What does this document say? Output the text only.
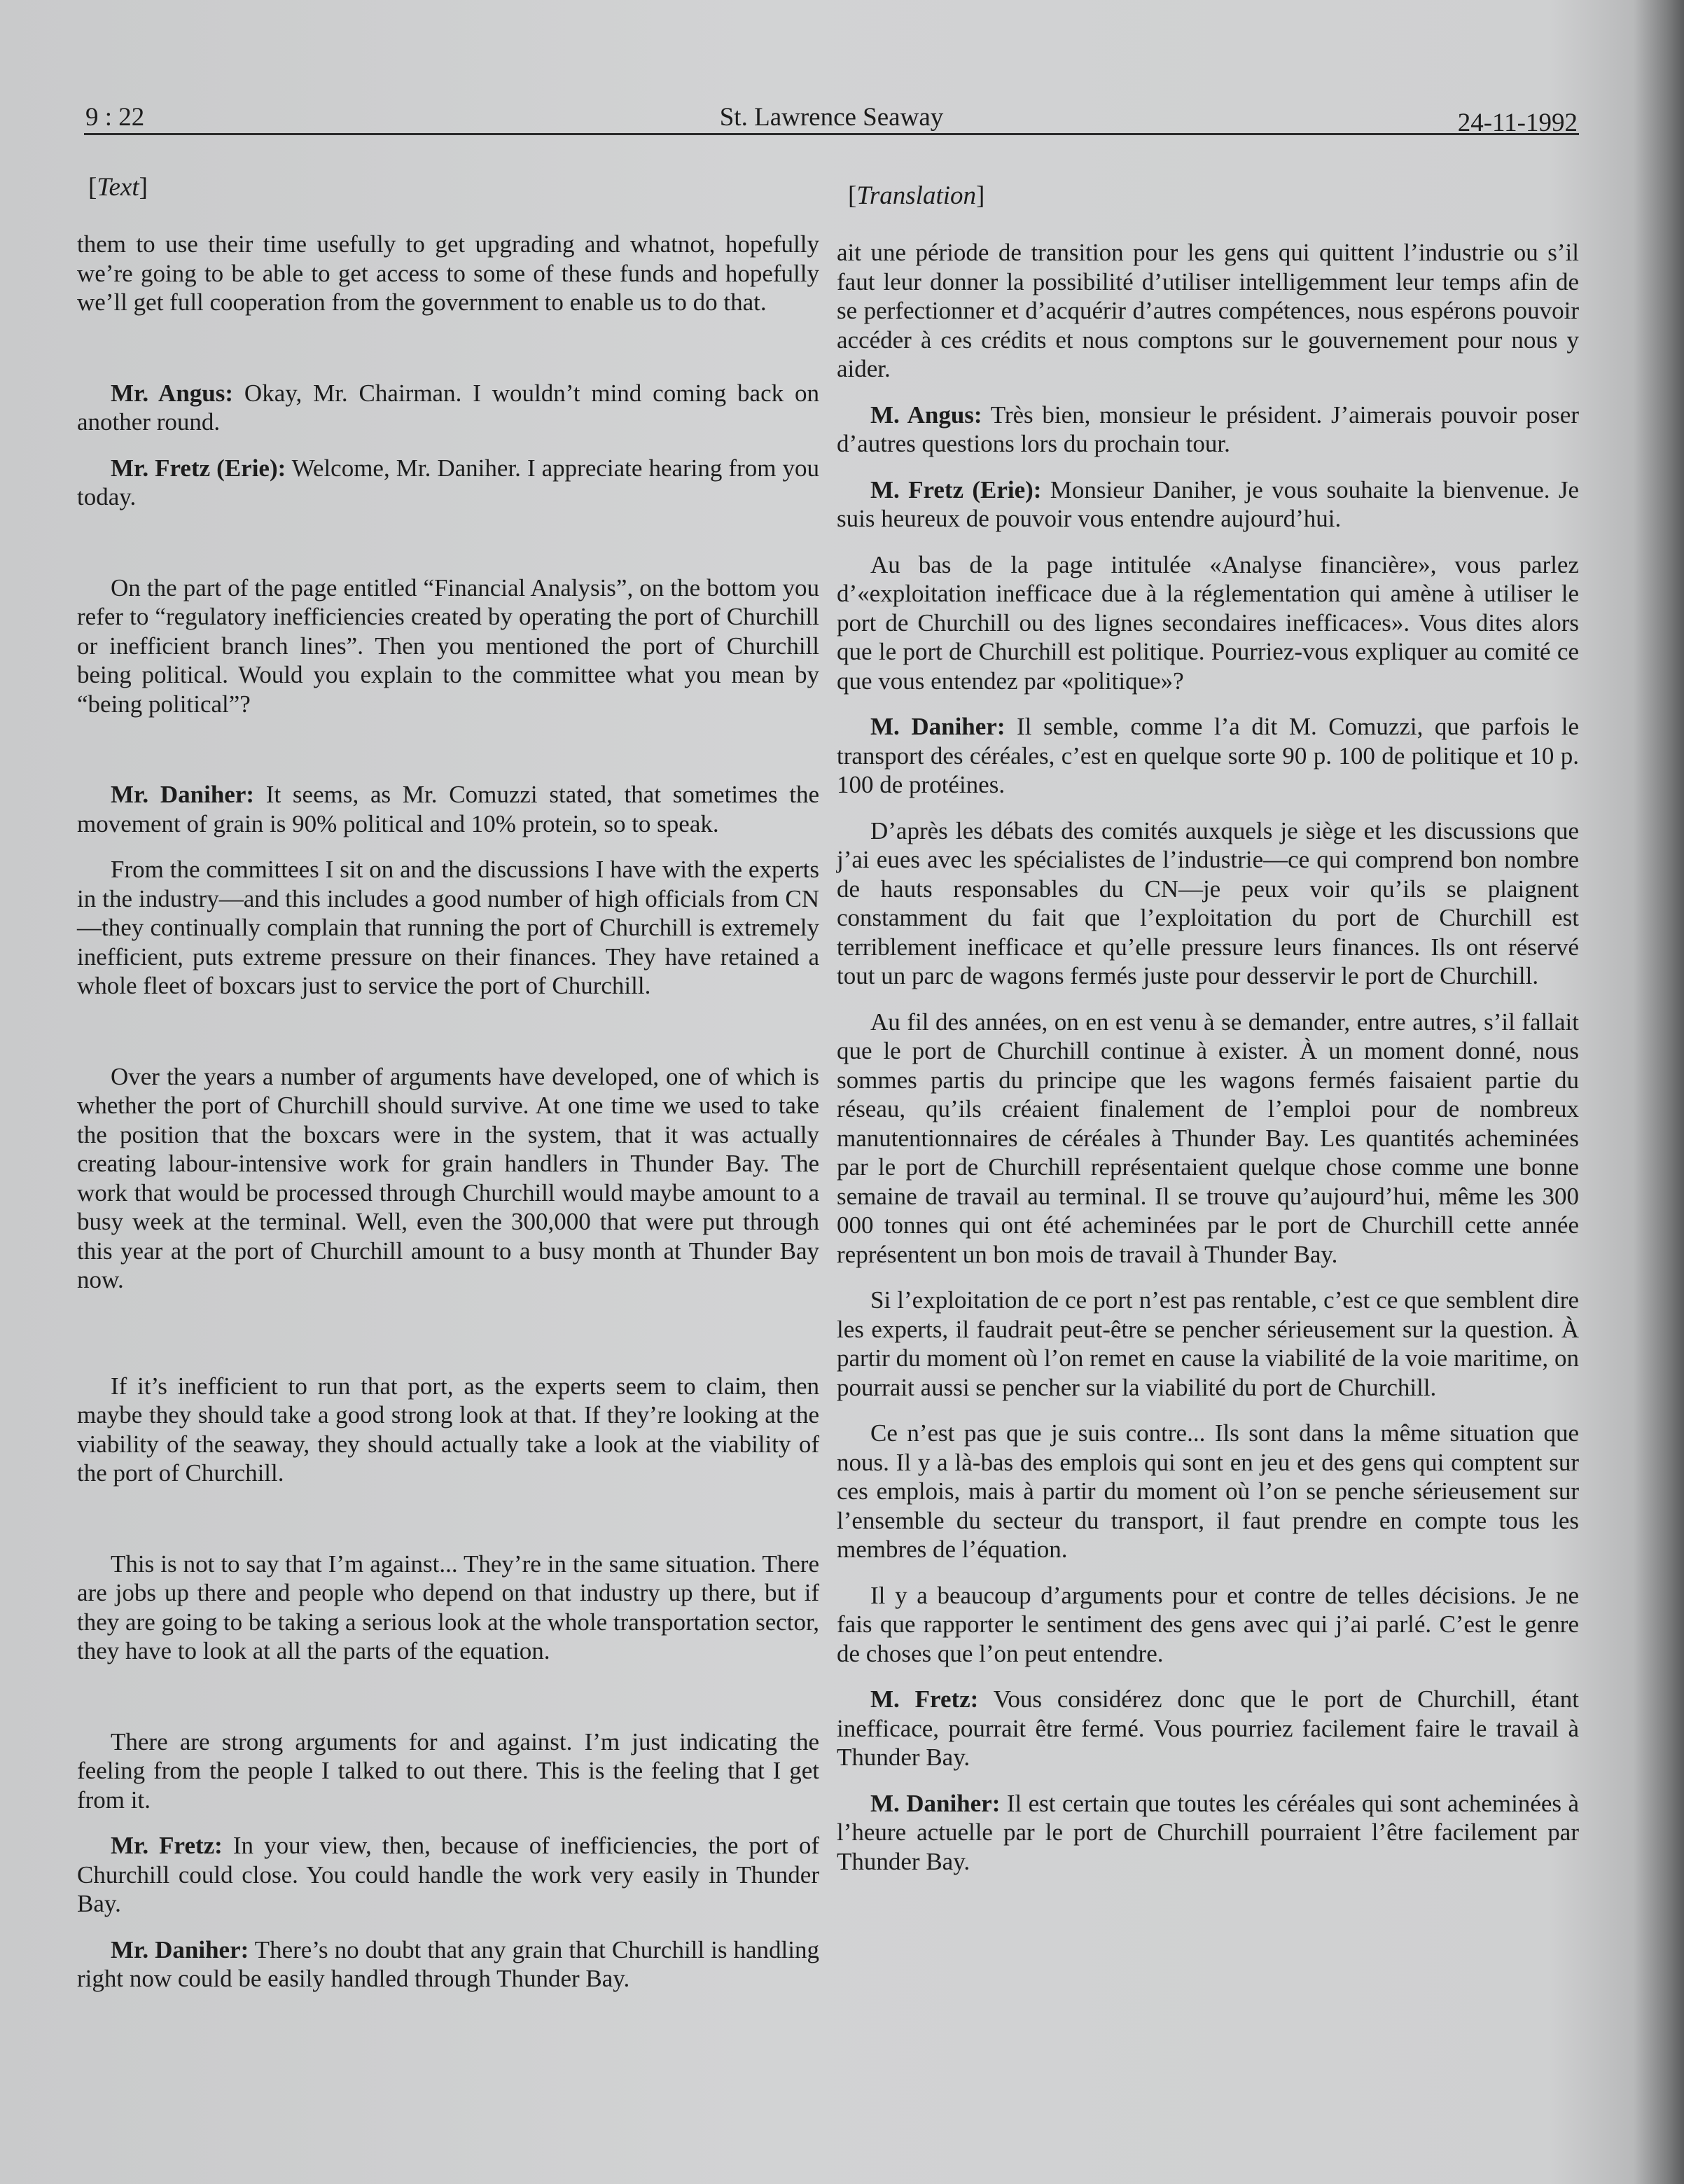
9 : 22	St. Lawrence Seaway	24-11-1992
[Text]

them to use their time usefully to get upgrading and whatnot, hopefully we’re going to be able to get access to some of these funds and hopefully we’ll get full cooperation from the government to enable us to do that.

Mr. Angus: Okay, Mr. Chairman. I wouldn’t mind coming back on another round.

Mr. Fretz (Erie): Welcome, Mr. Daniher. I appreciate hearing from you today.

On the part of the page entitled “Financial Analysis”, on the bottom you refer to “regulatory inefficiencies created by operating the port of Churchill or inefficient branch lines”. Then you mentioned the port of Churchill being political. Would you explain to the committee what you mean by “being political”?

Mr. Daniher: It seems, as Mr. Comuzzi stated, that sometimes the movement of grain is 90% political and 10% protein, so to speak.

From the committees I sit on and the discussions I have with the experts in the industry—and this includes a good number of high officials from CN—they continually complain that running the port of Churchill is extremely inefficient, puts extreme pressure on their finances. They have retained a whole fleet of boxcars just to service the port of Churchill.

Over the years a number of arguments have developed, one of which is whether the port of Churchill should survive. At one time we used to take the position that the boxcars were in the system, that it was actually creating labour-intensive work for grain handlers in Thunder Bay. The work that would be processed through Churchill would maybe amount to a busy week at the terminal. Well, even the 300,000 that were put through this year at the port of Churchill amount to a busy month at Thunder Bay now.

If it’s inefficient to run that port, as the experts seem to claim, then maybe they should take a good strong look at that. If they’re looking at the viability of the seaway, they should actually take a look at the viability of the port of Churchill.

This is not to say that I’m against... They’re in the same situation. There are jobs up there and people who depend on that industry up there, but if they are going to be taking a serious look at the whole transportation sector, they have to look at all the parts of the equation.

There are strong arguments for and against. I’m just indicating the feeling from the people I talked to out there. This is the feeling that I get from it.

Mr. Fretz: In your view, then, because of inefficiencies, the port of Churchill could close. You could handle the work very easily in Thunder Bay.

Mr. Daniher: There’s no doubt that any grain that Churchill is handling right now could be easily handled through Thunder Bay.

[Translation]

ait une période de transition pour les gens qui quittent l’industrie ou s’il faut leur donner la possibilité d’utiliser intelligemment leur temps afin de se perfectionner et d’acquérir d’autres compétences, nous espérons pouvoir accéder à ces crédits et nous comptons sur le gouvernement pour nous y aider.

M. Angus: Très bien, monsieur le président. J’aimerais pouvoir poser d’autres questions lors du prochain tour.

M. Fretz (Erie): Monsieur Daniher, je vous souhaite la bienvenue. Je suis heureux de pouvoir vous entendre aujourd’hui.

Au bas de la page intitulée «Analyse financière», vous parlez d’«exploitation inefficace due à la réglementation qui amène à utiliser le port de Churchill ou des lignes secondaires inefficaces». Vous dites alors que le port de Churchill est politique. Pourriez-vous expliquer au comité ce que vous entendez par «politique»?

M. Daniher: Il semble, comme l’a dit M. Comuzzi, que parfois le transport des céréales, c’est en quelque sorte 90 p. 100 de politique et 10 p. 100 de protéines.

D’après les débats des comités auxquels je siège et les discussions que j’ai eues avec les spécialistes de l’industrie—ce qui comprend bon nombre de hauts responsables du CN—je peux voir qu’ils se plaignent constamment du fait que l’exploitation du port de Churchill est terriblement inefficace et qu’elle pressure leurs finances. Ils ont réservé tout un parc de wagons fermés juste pour desservir le port de Churchill.

Au fil des années, on en est venu à se demander, entre autres, s’il fallait que le port de Churchill continue à exister. À un moment donné, nous sommes partis du principe que les wagons fermés faisaient partie du réseau, qu’ils créaient finalement de l’emploi pour de nombreux manutentionnaires de céréales à Thunder Bay. Les quantités acheminées par le port de Churchill représentaient quelque chose comme une bonne semaine de travail au terminal. Il se trouve qu’aujourd’hui, même les 300 000 tonnes qui ont été acheminées par le port de Churchill cette année représentent un bon mois de travail à Thunder Bay.

Si l’exploitation de ce port n’est pas rentable, c’est ce que semblent dire les experts, il faudrait peut-être se pencher sérieusement sur la question. À partir du moment où l’on remet en cause la viabilité de la voie maritime, on pourrait aussi se pencher sur la viabilité du port de Churchill.

Ce n’est pas que je suis contre... Ils sont dans la même situation que nous. Il y a là-bas des emplois qui sont en jeu et des gens qui comptent sur ces emplois, mais à partir du moment où l’on se penche sérieusement sur l’ensemble du secteur du transport, il faut prendre en compte tous les membres de l’équation.

Il y a beaucoup d’arguments pour et contre de telles décisions. Je ne fais que rapporter le sentiment des gens avec qui j’ai parlé. C’est le genre de choses que l’on peut entendre.

M. Fretz: Vous considérez donc que le port de Churchill, étant inefficace, pourrait être fermé. Vous pourriez facilement faire le travail à Thunder Bay.

M. Daniher: Il est certain que toutes les céréales qui sont acheminées à l’heure actuelle par le port de Churchill pourraient l’être facilement par Thunder Bay.
